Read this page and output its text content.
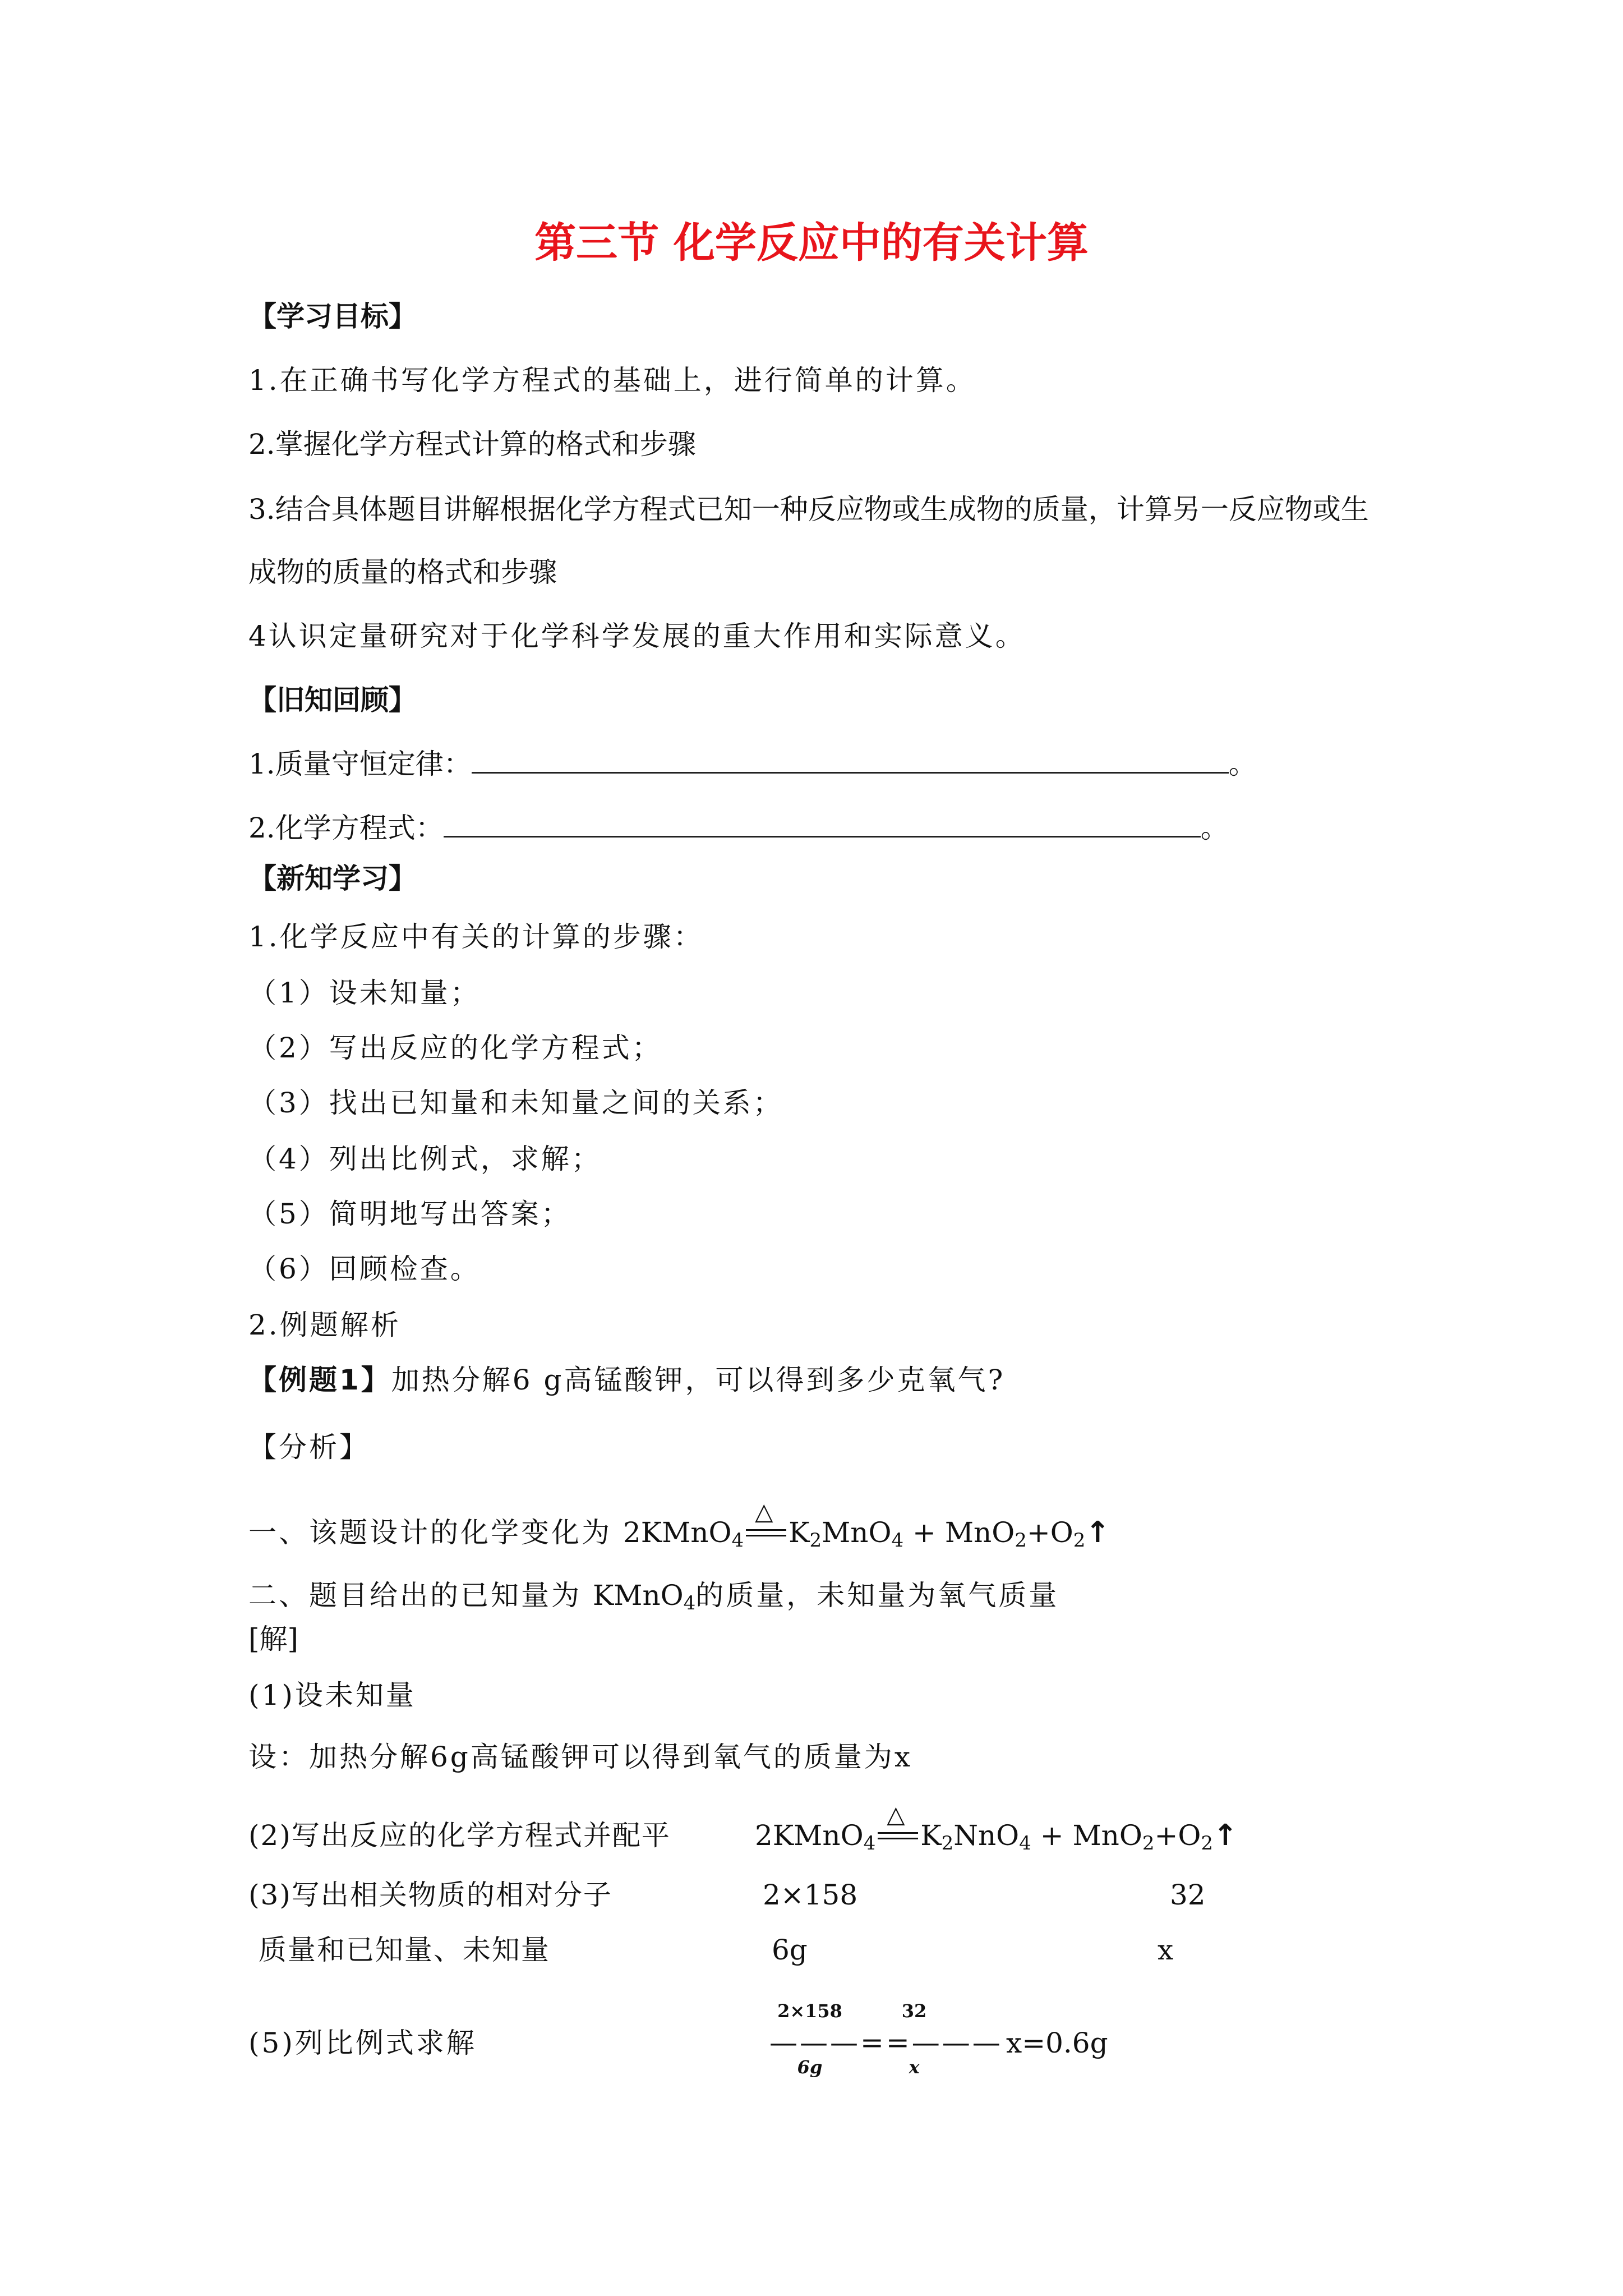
第三节 化学反应中的有关计算
【学习目标】
1.在正确书写化学方程式的基础上，进行简单的计算。
2.掌握化学方程式计算的格式和步骤
3.结合具体题目讲解根据化学方程式已知一种反应物或生成物的质量，计算另一反应物或生
成物的质量的格式和步骤
4认识定量研究对于化学科学发展的重大作用和实际意义。
【旧知回顾】
1.质量守恒定律：	。
2.化学方程式：	。
【新知学习】
1.化学反应中有关的计算的步骤：
（1）设未知量；
（2）写出反应的化学方程式；
（3）找出已知量和未知量之间的关系；
（4）列出比例式，求解；
（5）简明地写出答案；
（6）回顾检查。
2.例题解析
【例题1】加热分解6 g高锰酸钾，可以得到多少克氧气?
【分析】
一、该题设计的化学变化为 2KMnO$_4$
△
$K_2MnO_4$ + $MnO_2+O_2↑$
二、题目给出的已知量为 KMnO$_4$的质量，未知量为氧气质量
[解]
(1)设未知量
设：加热分解6g高锰酸钾可以得到氧气的质量为x
(2)写出反应的化学方程式并配平	2KMnO$_4$
△
$K_2NnO_4$ + $MnO_2+O_2↑$
(3)写出相关物质的相对分子	2×158	32
质量和已知量、未知量	6g	x
(5)列比例式求解
2×158
———==———
6g
32
x
x=0.6g
